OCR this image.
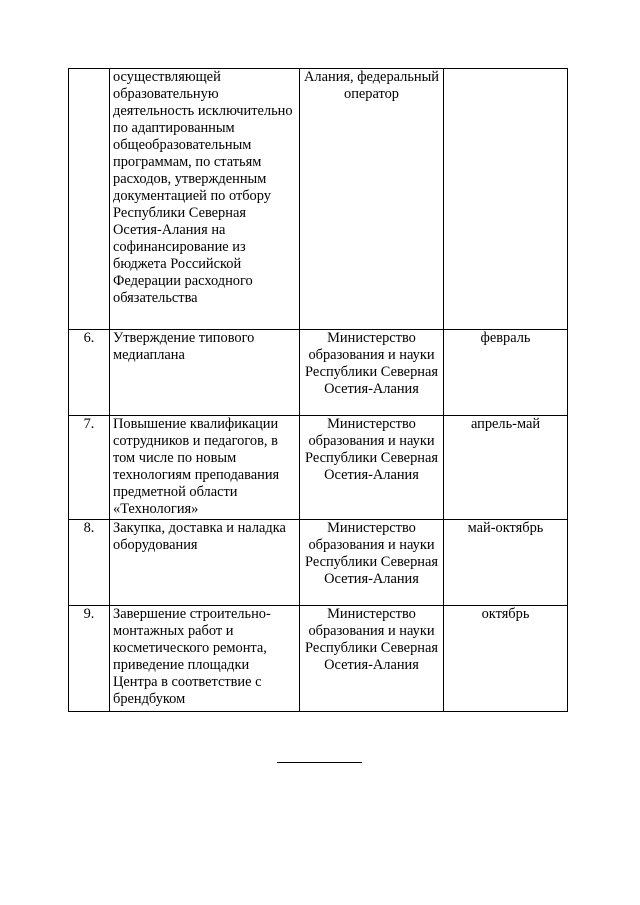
	осуществляющей образовательную деятельность исключительно по адаптированным общеобразовательным программам, по статьям расходов, утвержденным документацией по отбору Республики Северная Осетия-Алания на софинансирование из бюджета Российской Федерации расходного обязательства	Алания, федеральный оператор	
6.	Утверждение типового медиаплана	Министерство образования и науки Республики Северная Осетия-Алания	февраль
7.	Повышение квалификации сотрудников и педагогов, в том числе по новым технологиям преподавания предметной области «Технология»	Министерство образования и науки Республики Северная Осетия-Алания	апрель-май
8.	Закупка, доставка и наладка оборудования	Министерство образования и науки Республики Северная Осетия-Алания	май-октябрь
9.	Завершение строительно-монтажных работ и косметического ремонта, приведение площадки Центра в соответствие с брендбуком	Министерство образования и науки Республики Северная Осетия-Алания	октябрь
